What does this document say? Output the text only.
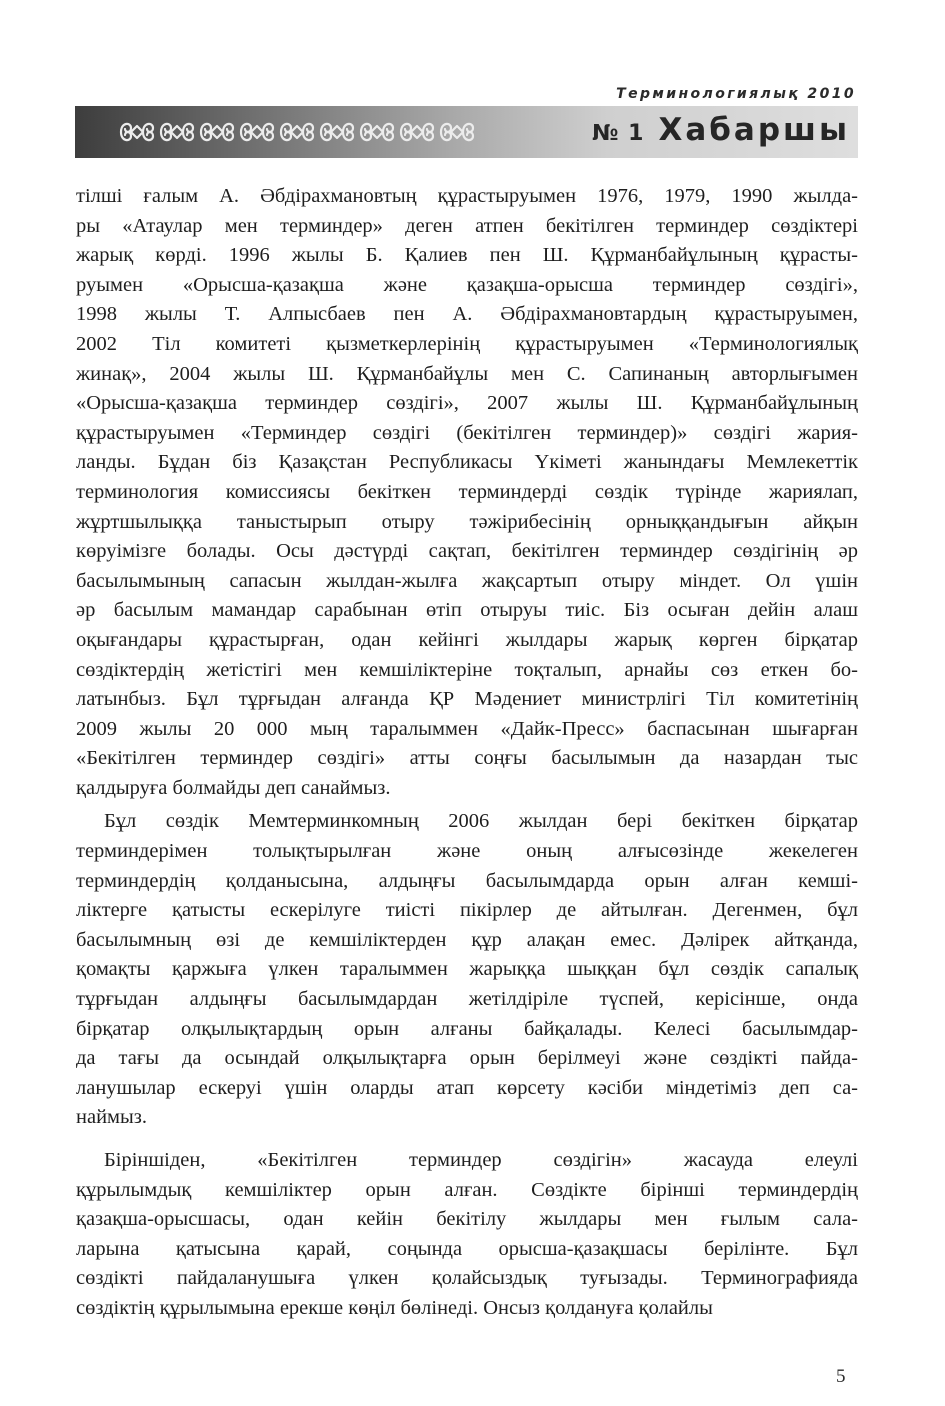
Терминологиялық 2010
№ 1 Хабаршы
тілші ғалым А. Әбдірахмановтың құрастыруымен 1976, 1979, 1990 жылда-
ры «Атаулар мен терминдер» деген атпен бекітілген терминдер сөздіктері
жарық көрді. 1996 жылы Б. Қалиев пен Ш. Құрманбайұлының құрасты-
руымен «Орысша-қазақша және қазақша-орысша терминдер сөздігі»,
1998 жылы Т. Алпысбаев пен А. Әбдірахмановтардың құрастыруымен,
2002 Тіл комитеті қызметкерлерінің құрастыруымен «Терминологиялық
жинақ», 2004 жылы Ш. Құрманбайұлы мен С. Сапинаның авторлығымен
«Орысша-қазақша терминдер сөздігі», 2007 жылы Ш. Құрманбайұлының
құрастыруымен «Терминдер сөздігі (бекітілген терминдер)» сөздігі жария-
ланды. Бұдан біз Қазақстан Республикасы Үкіметі жанындағы Мемлекеттік
терминология комиссиясы бекіткен терминдерді сөздік түрінде жариялап,
жұртшылыққа таныстырып отыру тәжірибесінің орныққандығын айқын
көруімізге болады. Осы дәстүрді сақтап, бекітілген терминдер сөздігінің әр
басылымының сапасын жылдан-жылға жақсартып отыру міндет. Ол үшін
әр басылым мамандар сарабынан өтіп отыруы тиіс. Біз осыған дейін алаш
оқығандары құрастырған, одан кейінгі жылдары жарық көрген бірқатар
сөздіктердің жетістігі мен кемшіліктеріне тоқталып, арнайы сөз еткен бо-
латынбыз. Бұл тұрғыдан алғанда ҚР Мәдениет министрлігі Тіл комитетінің
2009 жылы 20 000 мың таралыммен «Дайк-Пресс» баспасынан шығарған
«Бекітілген терминдер сөздігі» атты соңғы басылымын да назардан тыс
қалдыруға болмайды деп санаймыз.
Бұл сөздік Мемтерминкомның 2006 жылдан бері бекіткен бірқатар
терминдерімен толықтырылған және оның алғысөзінде жекелеген
терминдердің қолданысына, алдыңғы басылымдарда орын алған кемші-
ліктерге қатысты ескерілуге тиісті пікірлер де айтылған. Дегенмен, бұл
басылымның өзі де кемшіліктерден құр алақан емес. Дәлірек айтқанда,
қомақты қаржыға үлкен таралыммен жарыққа шыққан бұл сөздік сапалық
тұрғыдан алдыңғы басылымдардан жетілдіріле түспей, керісінше, онда
бірқатар олқылықтардың орын алғаны байқалады. Келесі басылымдар-
да тағы да осындай олқылықтарға орын берілмеуі және сөздікті пайда-
ланушылар ескеруі үшін оларды атап көрсету кәсіби міндетіміз деп са-
наймыз.
Біріншіден, «Бекітілген терминдер сөздігін» жасауда елеулі
құрылымдық кемшіліктер орын алған. Сөздікте бірінші терминдердің
қазақша-орысшасы, одан кейін бекітілу жылдары мен ғылым сала-
ларына қатысына қарай, соңында орысша-қазақшасы берілінте. Бұл
сөздікті пайдаланушыға үлкен қолайсыздық туғызады. Терминографияда
сөздіктің құрылымына ерекше көңіл бөлінеді. Онсыз қолдануға қолайлы
5
